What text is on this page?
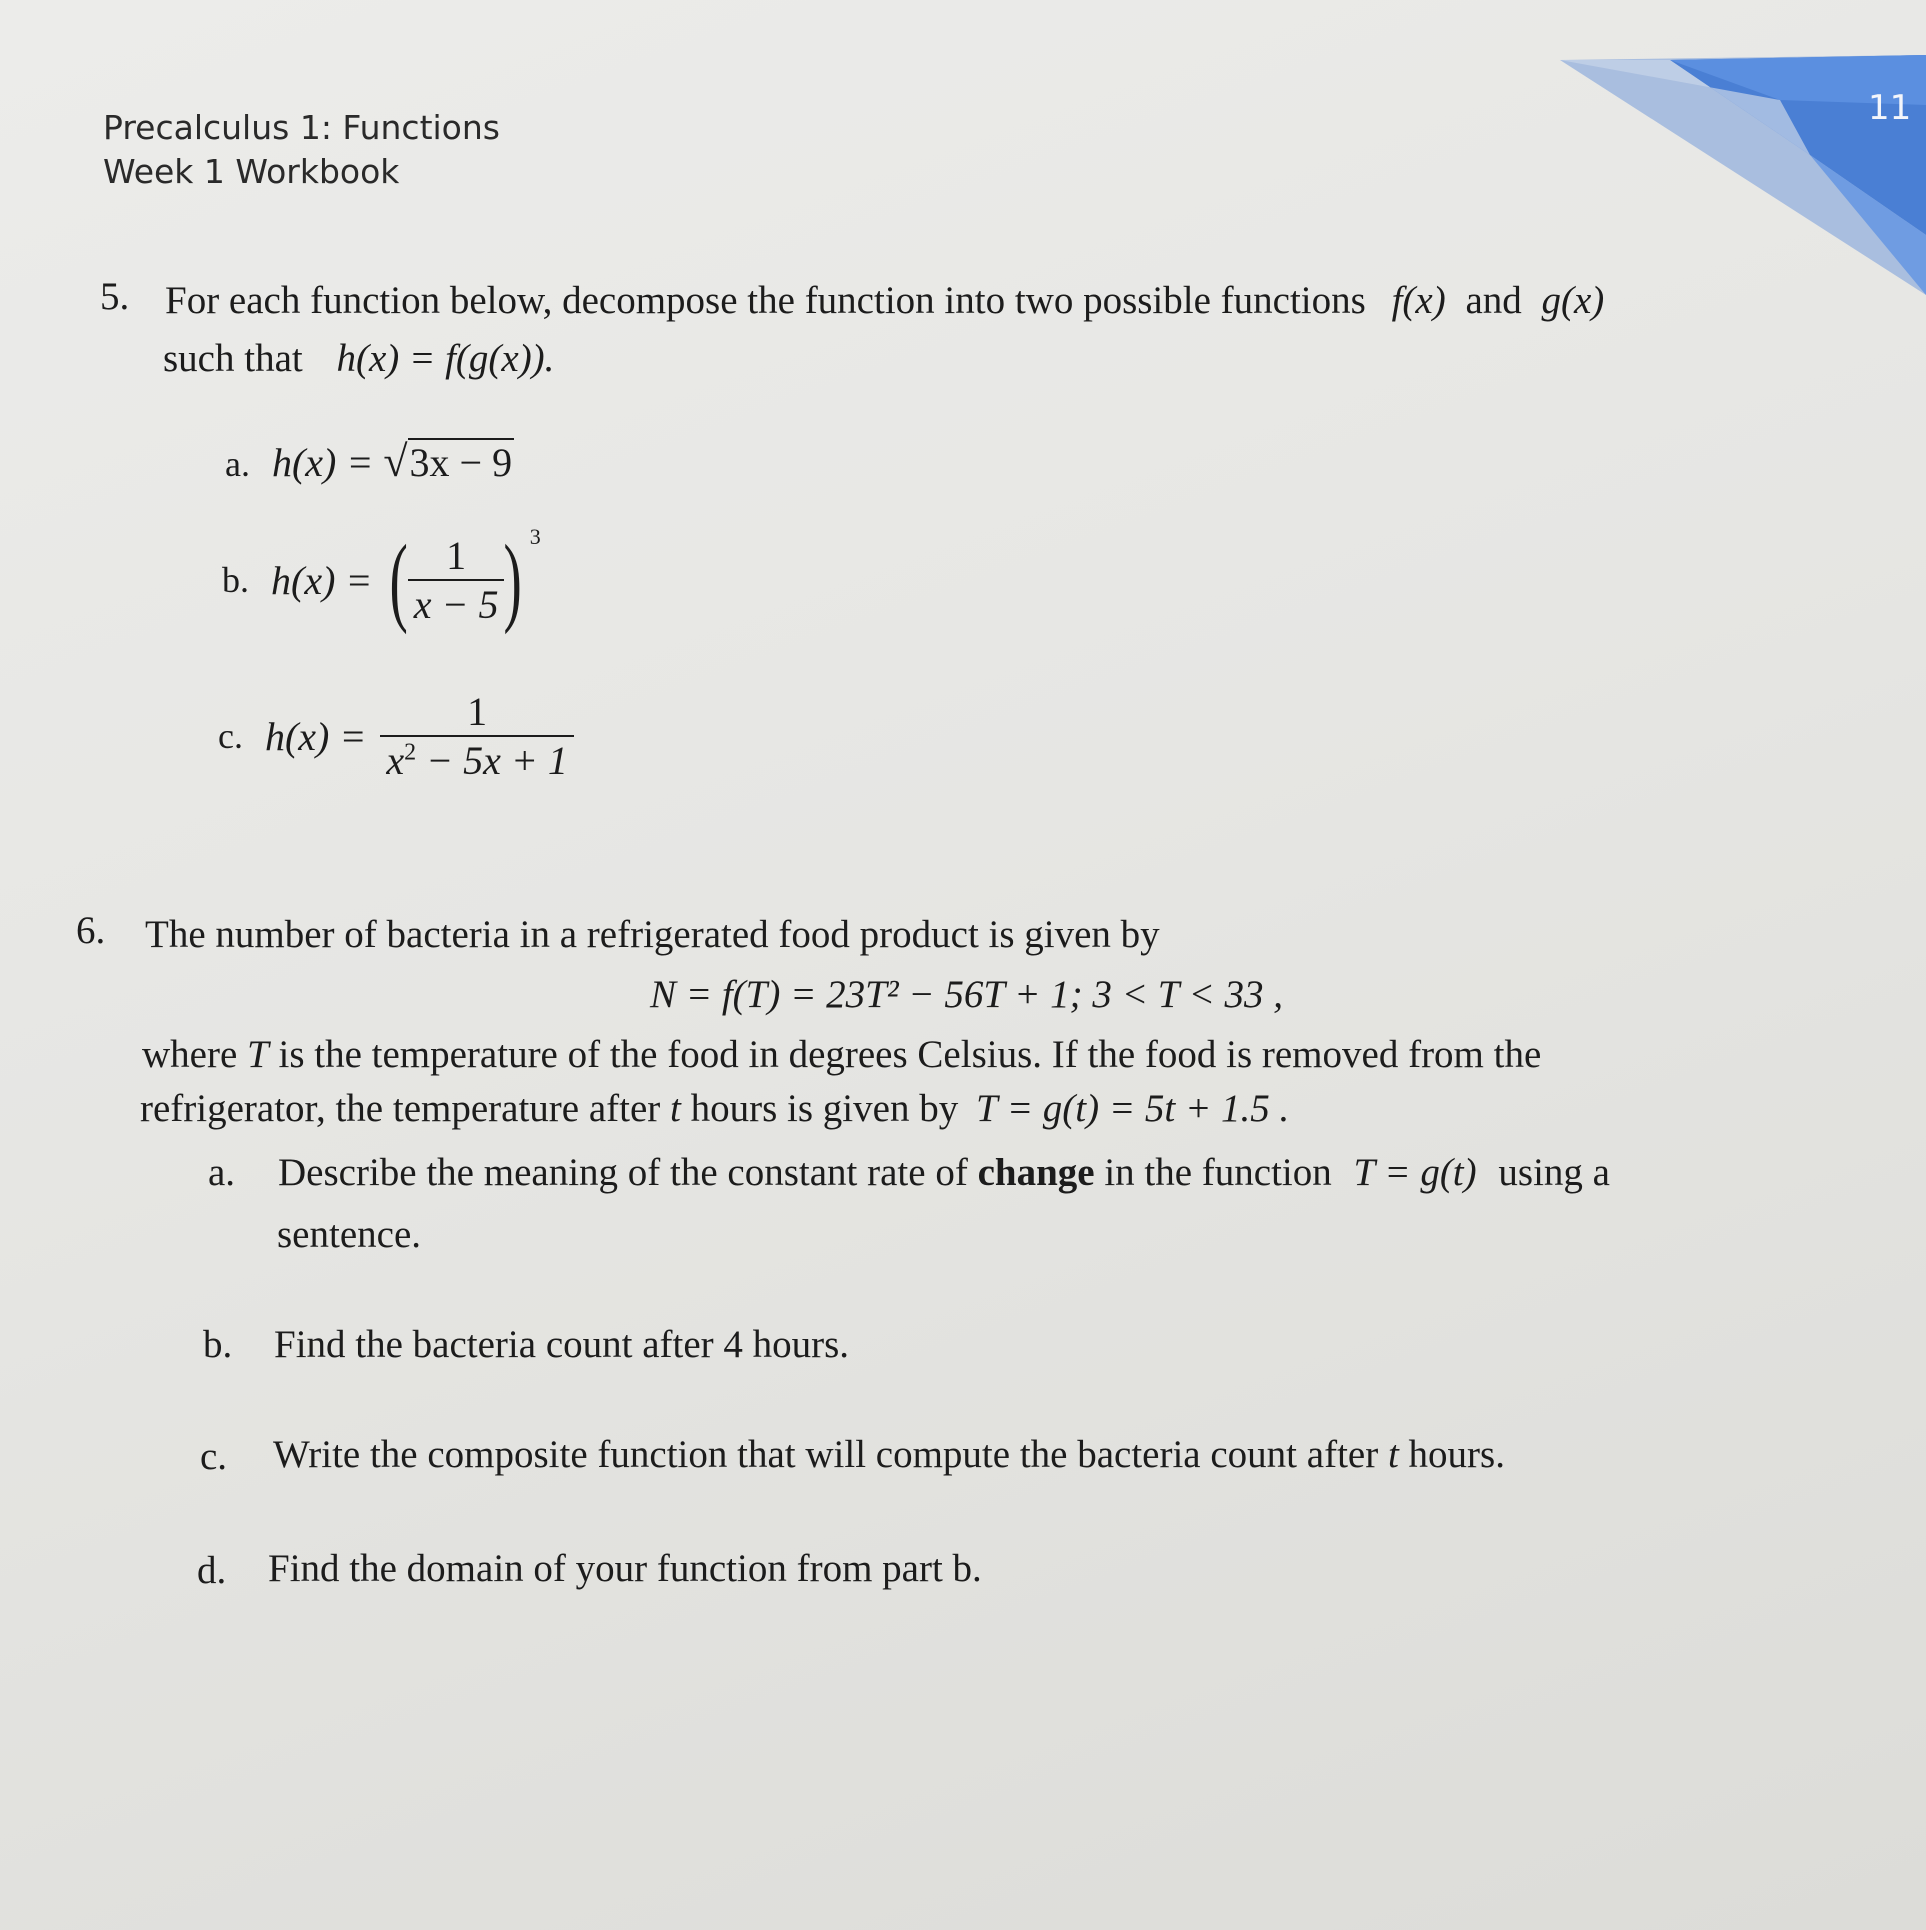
11
Precalculus 1: Functions
Week 1 Workbook
5. For each function below, decompose the function into two possible functions f(x) and g(x)
such that h(x) = f(g(x)).
a. h(x) = √3x − 9
b. h(x) = ( $\frac{1}{x - 5}$ ) $^3$
c. $h(x) = \frac{1}{x^2 - 5x + 1}$
6. The number of bacteria in a refrigerated food product is given by
N = f(T) = 23T² − 56T + 1; 3 < T < 33 ,
where T is the temperature of the food in degrees Celsius. If the food is removed from the
refrigerator, the temperature after t hours is given by T = g(t) = 5t + 1.5 .
a. Describe the meaning of the constant rate of change in the function T = g(t) using a
sentence.
b. Find the bacteria count after 4 hours.
c. Write the composite function that will compute the bacteria count after t hours.
d. Find the domain of your function from part b.
